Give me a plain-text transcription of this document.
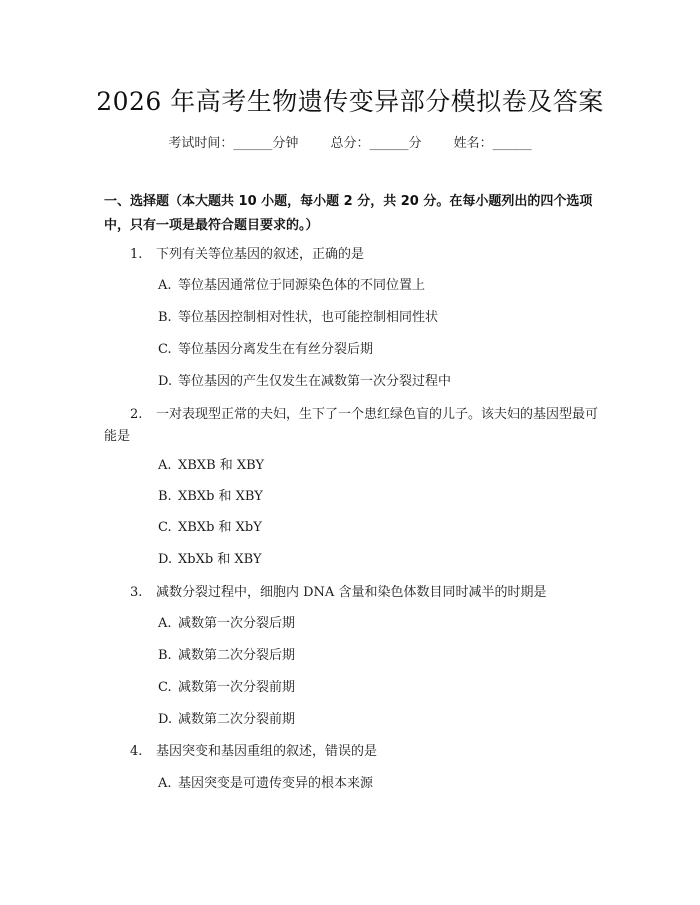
2026 年高考生物遗传变异部分模拟卷及答案
考试时间：______分钟 总分：______分 姓名：______
一、选择题（本大题共 10 小题，每小题 2 分，共 20 分。在每小题列出的四个选项中，只有一项是最符合题目要求的。）
1. 下列有关等位基因的叙述，正确的是
A. 等位基因通常位于同源染色体的不同位置上
B. 等位基因控制相对性状，也可能控制相同性状
C. 等位基因分离发生在有丝分裂后期
D. 等位基因的产生仅发生在减数第一次分裂过程中
2. 一对表现型正常的夫妇，生下了一个患红绿色盲的儿子。该夫妇的基因型最可能是
A. XBXB 和 XBY
B. XBXb 和 XBY
C. XBXb 和 XbY
D. XbXb 和 XBY
3. 减数分裂过程中，细胞内 DNA 含量和染色体数目同时减半的时期是
A. 减数第一次分裂后期
B. 减数第二次分裂后期
C. 减数第一次分裂前期
D. 减数第二次分裂前期
4. 基因突变和基因重组的叙述，错误的是
A. 基因突变是可遗传变异的根本来源
